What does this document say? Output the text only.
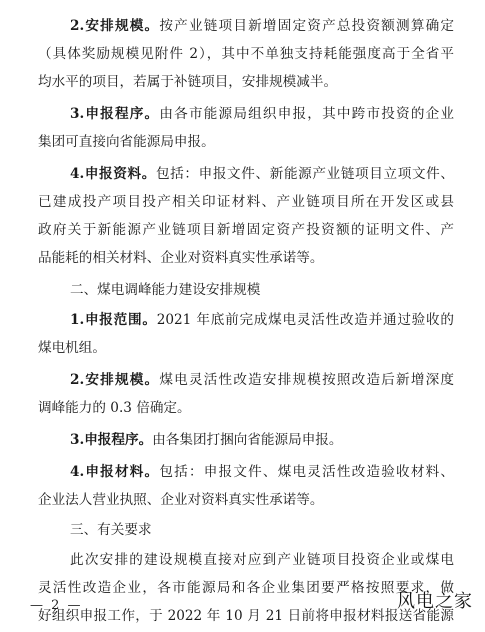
2.安排规模。按产业链项目新增固定资产总投资额测算确定
（具体奖励规模见附件 2），其中不单独支持耗能强度高于全省平
均水平的项目，若属于补链项目，安排规模减半。
3.申报程序。由各市能源局组织申报，其中跨市投资的企业
集团可直接向省能源局申报。
4.申报资料。包括：申报文件、新能源产业链项目立项文件、
已建成投产项目投产相关印证材料、产业链项目所在开发区或县
政府关于新能源产业链项目新增固定资产投资额的证明文件、产
品能耗的相关材料、企业对资料真实性承诺等。
二、煤电调峰能力建设安排规模
1.申报范围。2021 年底前完成煤电灵活性改造并通过验收的
煤电机组。
2.安排规模。煤电灵活性改造安排规模按照改造后新增深度
调峰能力的 0.3 倍确定。
3.申报程序。由各集团打捆向省能源局申报。
4.申报材料。包括：申报文件、煤电灵活性改造验收材料、
企业法人营业执照、企业对资料真实性承诺等。
三、有关要求
此次安排的建设规模直接对应到产业链项目投资企业或煤电
灵活性改造企业，各市能源局和各企业集团要严格按照要求，做
好组织申报工作，于 2022 年 10 月 21 日前将申报材料报送省能源
— 2 —	风电之家
